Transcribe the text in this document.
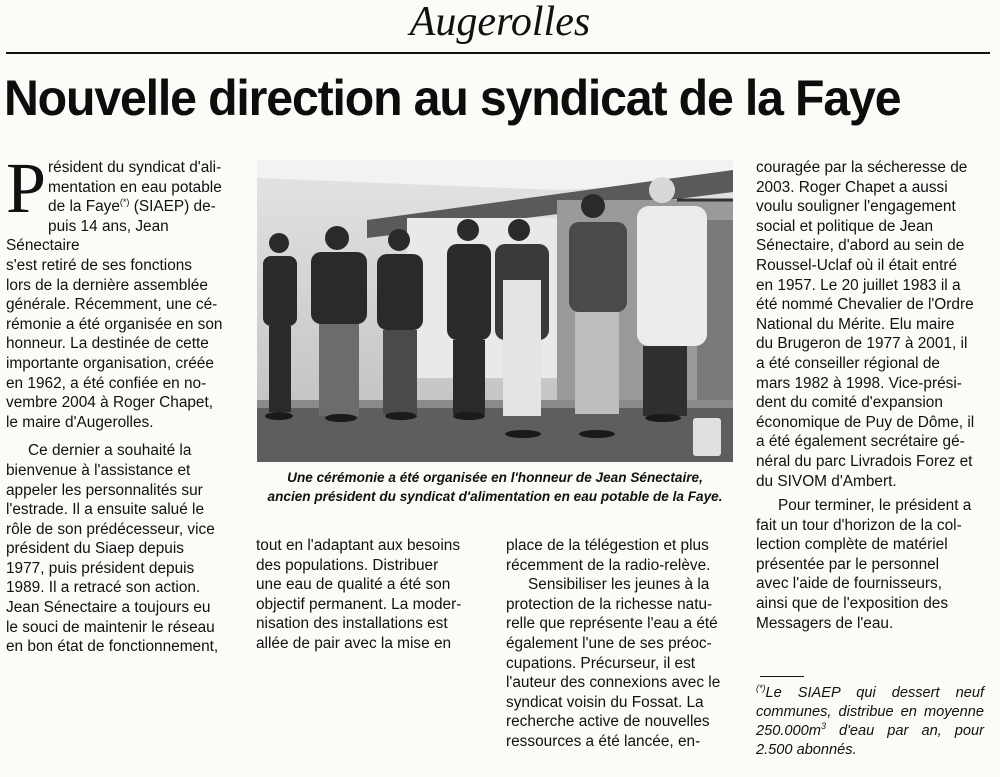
Augerolles
Nouvelle direction au syndicat de la Faye

P résident du syndicat d'ali-
mentation en eau potable
de la Faye(*) (SIAEP) de-
puis 14 ans, Jean Sénectaire
s'est retiré de ses fonctions
lors de la dernière assemblée
générale. Récemment, une cé-
rémonie a été organisée en son
honneur. La destinée de cette
importante organisation, créée
en 1962, a été confiée en no-
vembre 2004 à Roger Chapet,
le maire d'Augerolles.

Ce dernier a souhaité la
bienvenue à l'assistance et
appeler les personnalités sur
l'estrade. Il a ensuite salué le
rôle de son prédécesseur, vice
président du Siaep depuis
1977, puis président depuis
1989. Il a retracé son action.
Jean Sénectaire a toujours eu
le souci de maintenir le réseau
en bon état de fonctionnement,

Une cérémonie a été organisée en l'honneur de Jean Sénectaire,
ancien président du syndicat d'alimentation en eau potable de la Faye.

tout en l'adaptant aux besoins
des populations. Distribuer
une eau de qualité a été son
objectif permanent. La moder-
nisation des installations est
allée de pair avec la mise en

place de la télégestion et plus
récemment de la radio-relève.

Sensibiliser les jeunes à la
protection de la richesse natu-
relle que représente l'eau a été
également l'une de ses préoc-
cupations. Précurseur, il est
l'auteur des connexions avec le
syndicat voisin du Fossat. La
recherche active de nouvelles
ressources a été lancée, en-

couragée par la sécheresse de
2003. Roger Chapet a aussi
voulu souligner l'engagement
social et politique de Jean
Sénectaire, d'abord au sein de
Roussel-Uclaf où il était entré
en 1957. Le 20 juillet 1983 il a
été nommé Chevalier de l'Ordre
National du Mérite. Elu maire
du Brugeron de 1977 à 2001, il
a été conseiller régional de
mars 1982 à 1998. Vice-prési-
dent du comité d'expansion
économique de Puy de Dôme, il
a été également secrétaire gé-
néral du parc Livradois Forez et
du SIVOM d'Ambert.

Pour terminer, le président a
fait un tour d'horizon de la col-
lection complète de matériel
présentée par le personnel
avec l'aide de fournisseurs,
ainsi que de l'exposition des
Messagers de l'eau.

(*)Le SIAEP qui dessert neuf communes, distribue en moyenne $250.000m^3$ d'eau par an, pour 2.500 abonnés.
